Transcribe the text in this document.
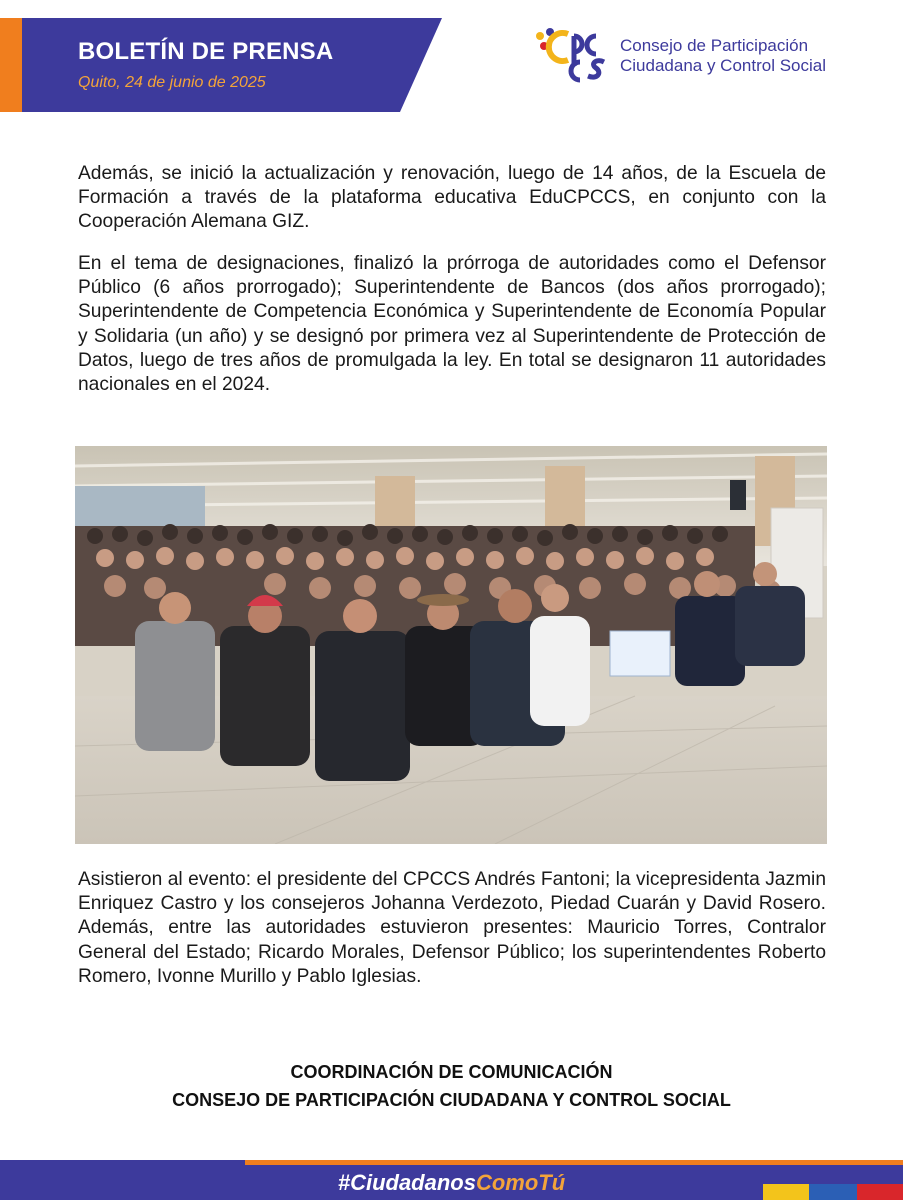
BOLETÍN DE PRENSA
Quito, 24 de junio de 2025
Consejo de Participación
Ciudadana y Control Social

Además, se inició la actualización y renovación, luego de 14 años, de la Escuela de Formación a través de la plataforma educativa EduCPCCS, en conjunto con la Cooperación Alemana GIZ.

En el tema de designaciones, finalizó la prórroga de autoridades como el Defensor Público (6 años prorrogado); Superintendente de Bancos (dos años prorrogado); Superintendente de Competencia Económica y Superintendente de Economía Popular y Solidaria (un año) y se designó por primera vez al Superintendente de Protección de Datos, luego de tres años de promulgada la ley. En total se designaron 11 autoridades nacionales en el 2024.

Asistieron al evento: el presidente del CPCCS Andrés Fantoni; la vicepresidenta Jazmin Enriquez Castro y los consejeros Johanna Verdezoto, Piedad Cuarán y David Rosero. Además, entre las autoridades estuvieron presentes: Mauricio Torres, Contralor General del Estado; Ricardo Morales, Defensor Público; los superintendentes Roberto Romero, Ivonne Murillo y Pablo Iglesias.

COORDINACIÓN DE COMUNICACIÓN
CONSEJO DE PARTICIPACIÓN CIUDADANA Y CONTROL SOCIAL
#CiudadanosComoTú
